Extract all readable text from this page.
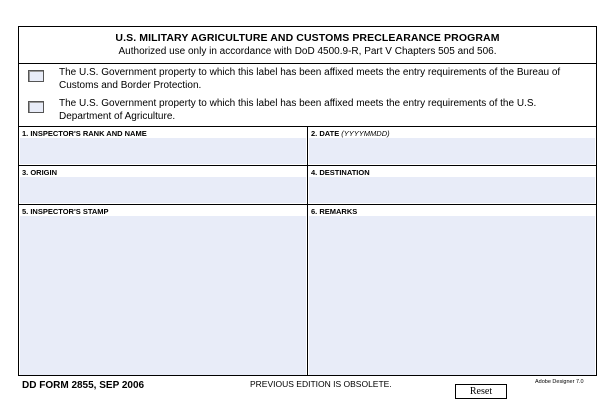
U.S. MILITARY AGRICULTURE AND CUSTOMS PRECLEARANCE PROGRAM
Authorized use only in accordance with DoD 4500.9-R, Part V Chapters 505 and 506.
The U.S. Government property to which this label has been affixed meets the entry requirements of the Bureau of Customs and Border Protection.
The U.S. Government property to which this label has been affixed meets the entry requirements of the U.S. Department of Agriculture.
1. INSPECTOR'S RANK AND NAME	2. DATE (YYYYMMDD)
3. ORIGIN	4. DESTINATION
5. INSPECTOR'S STAMP	6. REMARKS
DD FORM 2855, SEP 2006	PREVIOUS EDITION IS OBSOLETE.	Adobe Designer 7.0
Reset
